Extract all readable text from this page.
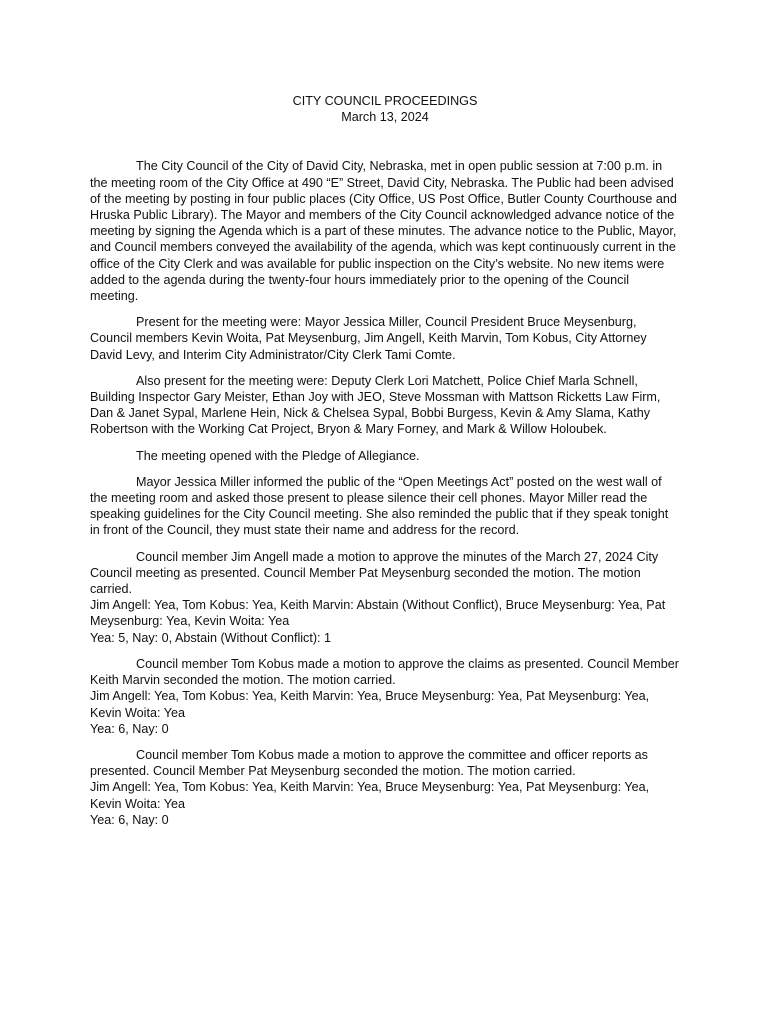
CITY COUNCIL PROCEEDINGS

March 13, 2024

The City Council of the City of David City, Nebraska, met in open public session at 7:00 p.m. in the meeting room of the City Office at 490 “E” Street, David City, Nebraska. The Public had been advised of the meeting by posting in four public places (City Office, US Post Office, Butler County Courthouse and Hruska Public Library). The Mayor and members of the City Council acknowledged advance notice of the meeting by signing the Agenda which is a part of these minutes. The advance notice to the Public, Mayor, and Council members conveyed the availability of the agenda, which was kept continuously current in the office of the City Clerk and was available for public inspection on the City’s website. No new items were added to the agenda during the twenty-four hours immediately prior to the opening of the Council meeting.

Present for the meeting were: Mayor Jessica Miller, Council President Bruce Meysenburg, Council members Kevin Woita, Pat Meysenburg, Jim Angell, Keith Marvin, Tom Kobus, City Attorney David Levy, and Interim City Administrator/City Clerk Tami Comte.

Also present for the meeting were: Deputy Clerk Lori Matchett, Police Chief Marla Schnell, Building Inspector Gary Meister, Ethan Joy with JEO, Steve Mossman with Mattson Ricketts Law Firm, Dan & Janet Sypal, Marlene Hein, Nick & Chelsea Sypal, Bobbi Burgess, Kevin & Amy Slama, Kathy Robertson with the Working Cat Project, Bryon & Mary Forney, and Mark & Willow Holoubek.

The meeting opened with the Pledge of Allegiance.

Mayor Jessica Miller informed the public of the “Open Meetings Act” posted on the west wall of the meeting room and asked those present to please silence their cell phones. Mayor Miller read the speaking guidelines for the City Council meeting. She also reminded the public that if they speak tonight in front of the Council, they must state their name and address for the record.

Council member Jim Angell made a motion to approve the minutes of the March 27, 2024 City Council meeting as presented. Council Member Pat Meysenburg seconded the motion. The motion carried.

Jim Angell: Yea, Tom Kobus: Yea, Keith Marvin: Abstain (Without Conflict), Bruce Meysenburg: Yea, Pat Meysenburg: Yea, Kevin Woita: Yea

Yea: 5, Nay: 0, Abstain (Without Conflict): 1

Council member Tom Kobus made a motion to approve the claims as presented. Council Member Keith Marvin seconded the motion. The motion carried.

Jim Angell: Yea, Tom Kobus: Yea, Keith Marvin: Yea, Bruce Meysenburg: Yea, Pat Meysenburg: Yea, Kevin Woita: Yea

Yea: 6, Nay: 0

Council member Tom Kobus made a motion to approve the committee and officer reports as presented. Council Member Pat Meysenburg seconded the motion. The motion carried.

Jim Angell: Yea, Tom Kobus: Yea, Keith Marvin: Yea, Bruce Meysenburg: Yea, Pat Meysenburg: Yea, Kevin Woita: Yea

Yea: 6, Nay: 0
